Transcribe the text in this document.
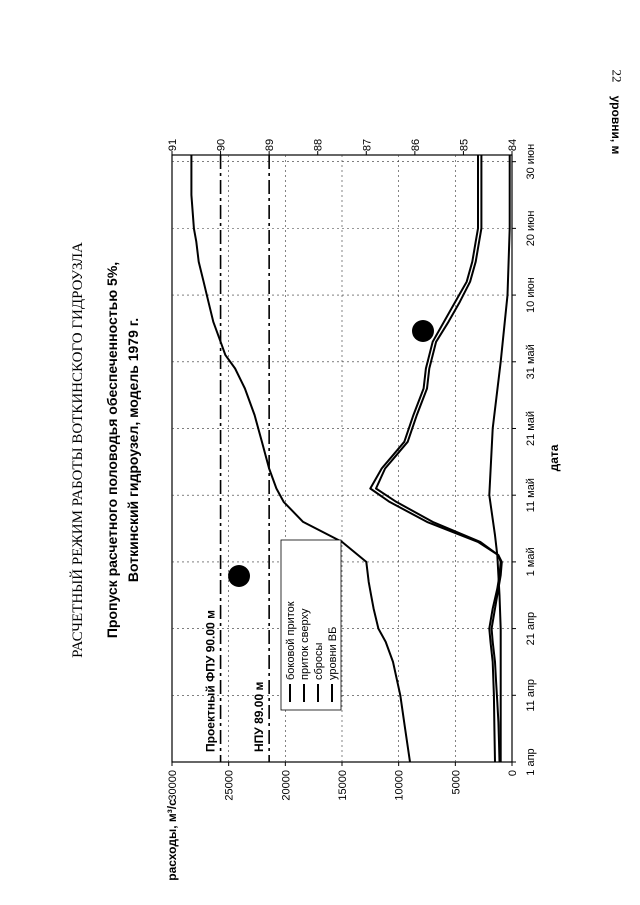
22
РАСЧЕТНЫЙ РЕЖИМ РАБОТЫ ВОТКИНСКОГО ГИДРОУЗЛА Пропуск расчетного половодья обеспеченностью 5%, Воткинский гидроузел, модель 1979 г.
расходы, м³/с
уровни, м
дата
0
5000
10000
15000
20000
25000
30000
1 апр
11 апр
21 апр
1 май
11 май
21 май
31 май
10 июн
20 июн
30 июн
84
85
86
87
88
89
90
91
Проектный ФПУ 90.00 м	НПУ 89.00 м
боковой приток приток сверху сбросы уровни ВБ
